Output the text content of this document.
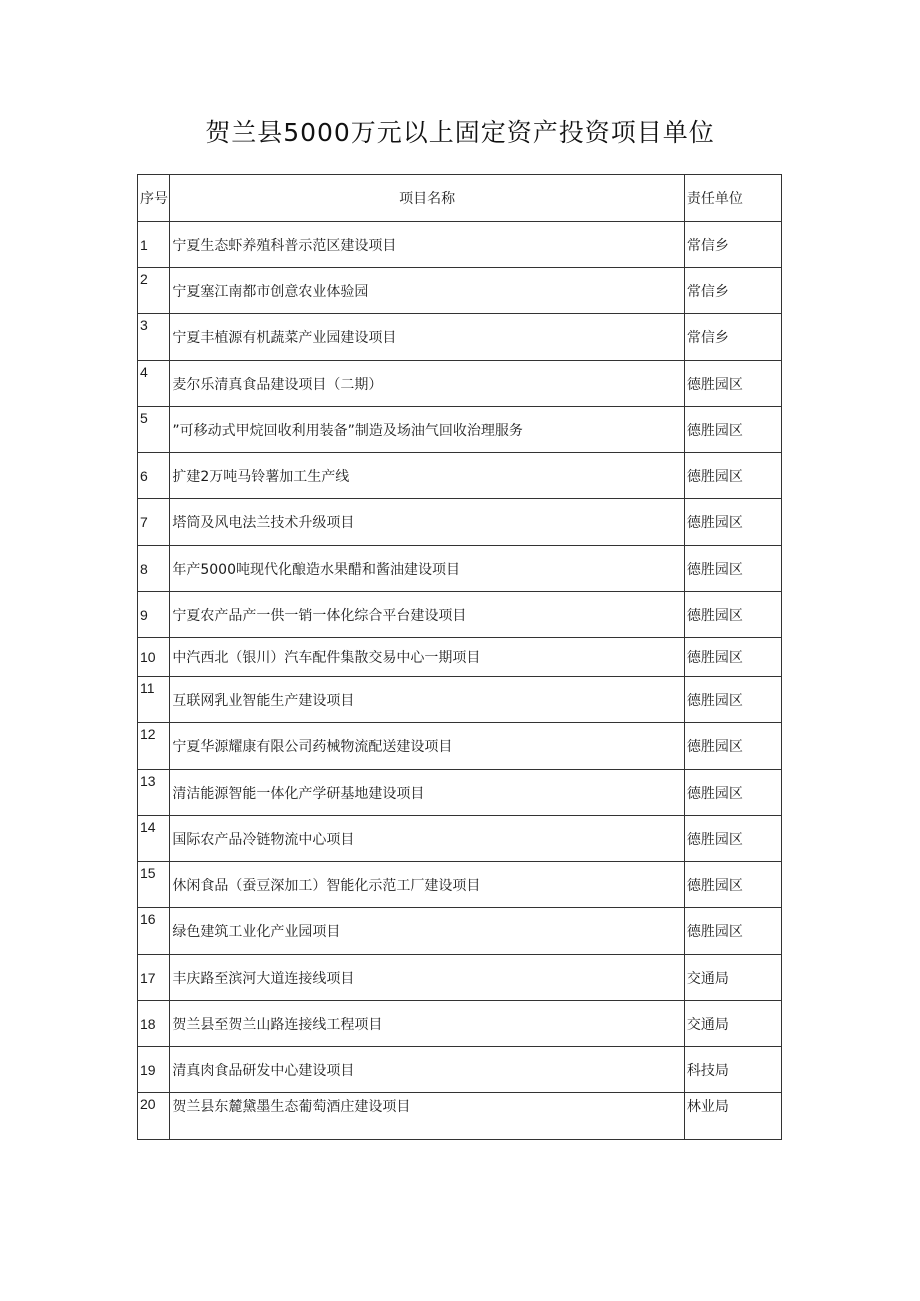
贺兰县5000万元以上固定资产投资项目单位
序号	项目名称	责任单位
1	宁夏生态虾养殖科普示范区建设项目	常信乡
2	宁夏塞江南都市创意农业体验园	常信乡
3	宁夏丰植源有机蔬菜产业园建设项目	常信乡
4	麦尔乐清真食品建设项目（二期）	德胜园区
5	”可移动式甲烷回收利用装备”制造及场油气回收治理服务	德胜园区
6	扩建2万吨马铃薯加工生产线	德胜园区
7	塔筒及风电法兰技术升级项目	德胜园区
8	年产5000吨现代化酿造水果醋和酱油建设项目	德胜园区
9	宁夏农产品产一供一销一体化综合平台建设项目	德胜园区
10	中汽西北（银川）汽车配件集散交易中心一期项目	德胜园区
11	互联网乳业智能生产建设项目	德胜园区
12	宁夏华源耀康有限公司药械物流配送建设项目	德胜园区
13	清洁能源智能一体化产学研基地建设项目	德胜园区
14	国际农产品冷链物流中心项目	德胜园区
15	休闲食品（蚕豆深加工）智能化示范工厂建设项目	德胜园区
16	绿色建筑工业化产业园项目	德胜园区
17	丰庆路至滨河大道连接线项目	交通局
18	贺兰县至贺兰山路连接线工程项目	交通局
19	清真肉食品研发中心建设项目	科技局
20	贺兰县东麓黛墨生态葡萄酒庄建设项目	林业局
